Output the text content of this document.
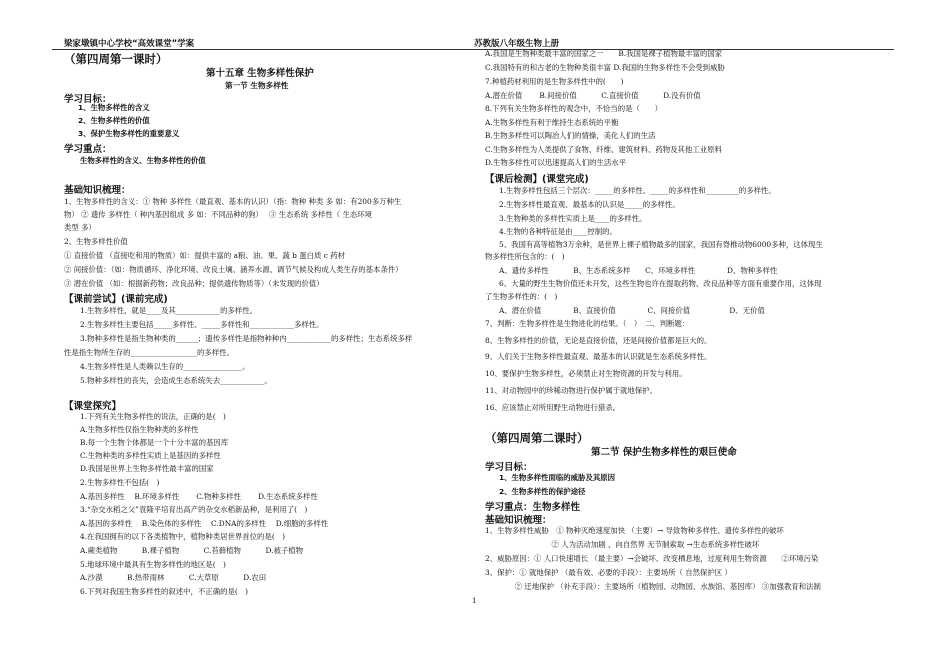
梁家墩镇中心学校“高效课堂”学案	苏教版八年级生物上册
（第四周第一课时）
第十五章 生物多样性保护
第一节 生物多样性
学习目标：
1、生物多样性的含义
2、生物多样性的价值
3、保护生物多样性的重要意义
学习重点：
生物多样性的含义、生物多样性的价值
基础知识梳理：
1、生物多样性的含义：① 物种 多样性（最直观、基本的认识）（指：物种 种类 多 如：有200多万种生
物） ② 遗传 多样性（ 种内基因组成 多 如：不同品种的狗）　 ③ 生态系统 多样性（ 生态环境
类型 多）
2、生物多样性价值
① 直接价值 （直接吃和用的物质）如：提供丰富的 a粮、油、果、蔬 b 蛋白质 c 药材
② 间接价值：（如：物质循环、净化环境、改良土壤、涵养水源、调节气候及构成人类生存的基本条件）
③ 潜在价值 （如：根据新药物；改良品种；提供遗传物质等）（未发现的价值）
【课前尝试】(课前完成)
1.生物多样性，就是____及其____________的多样性。
2.生物多样性主要包括_____多样性、_____多样性和____________多样性。
3.物种多样性是指生物种类的______；遗传多样性是指物种种内____________的多样性；生态系统多样
性是指生物所生存的__________________的多样性。
4.生物多样性是人类赖以生存的________________。
5.物种多样性的丧失，会造成生态系统失去____________。
【课堂探究】
1.下列有关生物多样性的说法，正确的是(　)
A.生物多样性仅指生物种类的多样性
B.每一个生物个体都是一个十分丰富的基因库
C.生物种类的多样性实质上是基因的多样性
D.我国是世界上生物多样性最丰富的国家
2.生物多样性不包括(　)
A.基因多样性　 B.环境多样性　　 C.物种多样性　　 D.生态系统多样性
3.“杂交水稻之父”袁隆平培育出高产的杂交水稻新品种，是利用了(　)
A.基因的多样性　 B.染色体的多样性　 C.DNA的多样性　 D.细胞的多样性
4.在我国拥有的以下各类植物中，植物种类居世界首位的是(　)
A.蕨类植物　　　 B.裸子植物　　　 C.苔藓植物　　　 D.被子植物
5.地球环境中最具有生物多样性的地区是(　)
A.沙漠　　　 B.热带雨林　　　 C.大草原　　　 D.农田
6.下列对我国生物多样性的叙述中，不正确的是(　)
A.我国是生物种类最丰富的国家之一　　B.我国是裸子植物最丰富的国家
C.我国特有的和古老的生物种类很丰富 D.我国的生物多样性不会受到威胁
7.种植药材利用的是生物多样性中的(　　)
A.潜在价值　　 B.间接价值　　　 C.直接价值　　　 D.没有价值
8.下列有关生物多样性的观念中，不恰当的是（　　）
A.生物多样性有利于维持生态系统的平衡
B.生物多样性可以陶冶人们的情操，美化人们的生活
C.生物多样性为人类提供了食物、纤维、建筑材料、药物及其他工业原料
D.生物多样性可以迅速提高人们的生活水平
【课后检测】(课堂完成)
1.生物多样性包括三个层次：_____的多样性、_____的多样性和_________的多样性。
2.生物多样性最直观、最基本的认识是_____的多样性。
3.生物种类的多样性实质上是____的多样性。
4.生物的各种特征是由____控制的。
5、我国有高等植物3万余种，是世界上裸子植物最多的国家，我国有脊椎动物6000多种，这体现生
物多样性所包含的：(　)
A、遗传多样性　　　 B、生态系统多样　　C、环境多样性　　　　 D、物种多样性
6、大量的野生生物价值还未开发，这些生物也许在提取药物、改良品种等方面有重要作用，这体现
了生物多样性的：(　)
A、潜在价值　　　　 B、直接价值　　　　 C、间接价值　　　　　 D、无价值
7、判断：生物多样性是生物进化的结果。（　）　二、判断题：
8、生物多样性的价值，无论是直接价值，还是间接价值都是巨大的。
9、人们关于生物多样性最直观、最基本的认识就是生态系统多样性。
10、要保护生物多样性，必须禁止对生物资源的开发与利用。
11、对动物园中的珍稀动物进行保护属于就地保护。
16、应该禁止对所用野生动物进行猎杀。
（第四周第二课时）
第二节 保护生物多样性的艰巨使命
学习目标：
1、生物多样性面临的威胁及其原因
2、生物多样性的保护途径
学习重点：生物多样性
基础知识梳理：
1、生物多样性威胁　① 物种灭绝速度加快 （主要）→ 导致物种多样性、遗传多样性的破坏
　　　　　　　　　② 人为活动加剧 、向自然界 无节制索取 →生态系统多样性破坏
2、威胁原因：① 人口快速增长 （最主要）→会破坏、改变栖息地，过度利用生物资源　　②环境污染
3、保护：① 就地保护 （最有效、必要的手段）：主要场所（ 自然保护区 ）
　　　　② 迁地保护 （补充手段）：主要场所（植物园、动物园、水族馆、基因库） ③加强教育和法制
1
